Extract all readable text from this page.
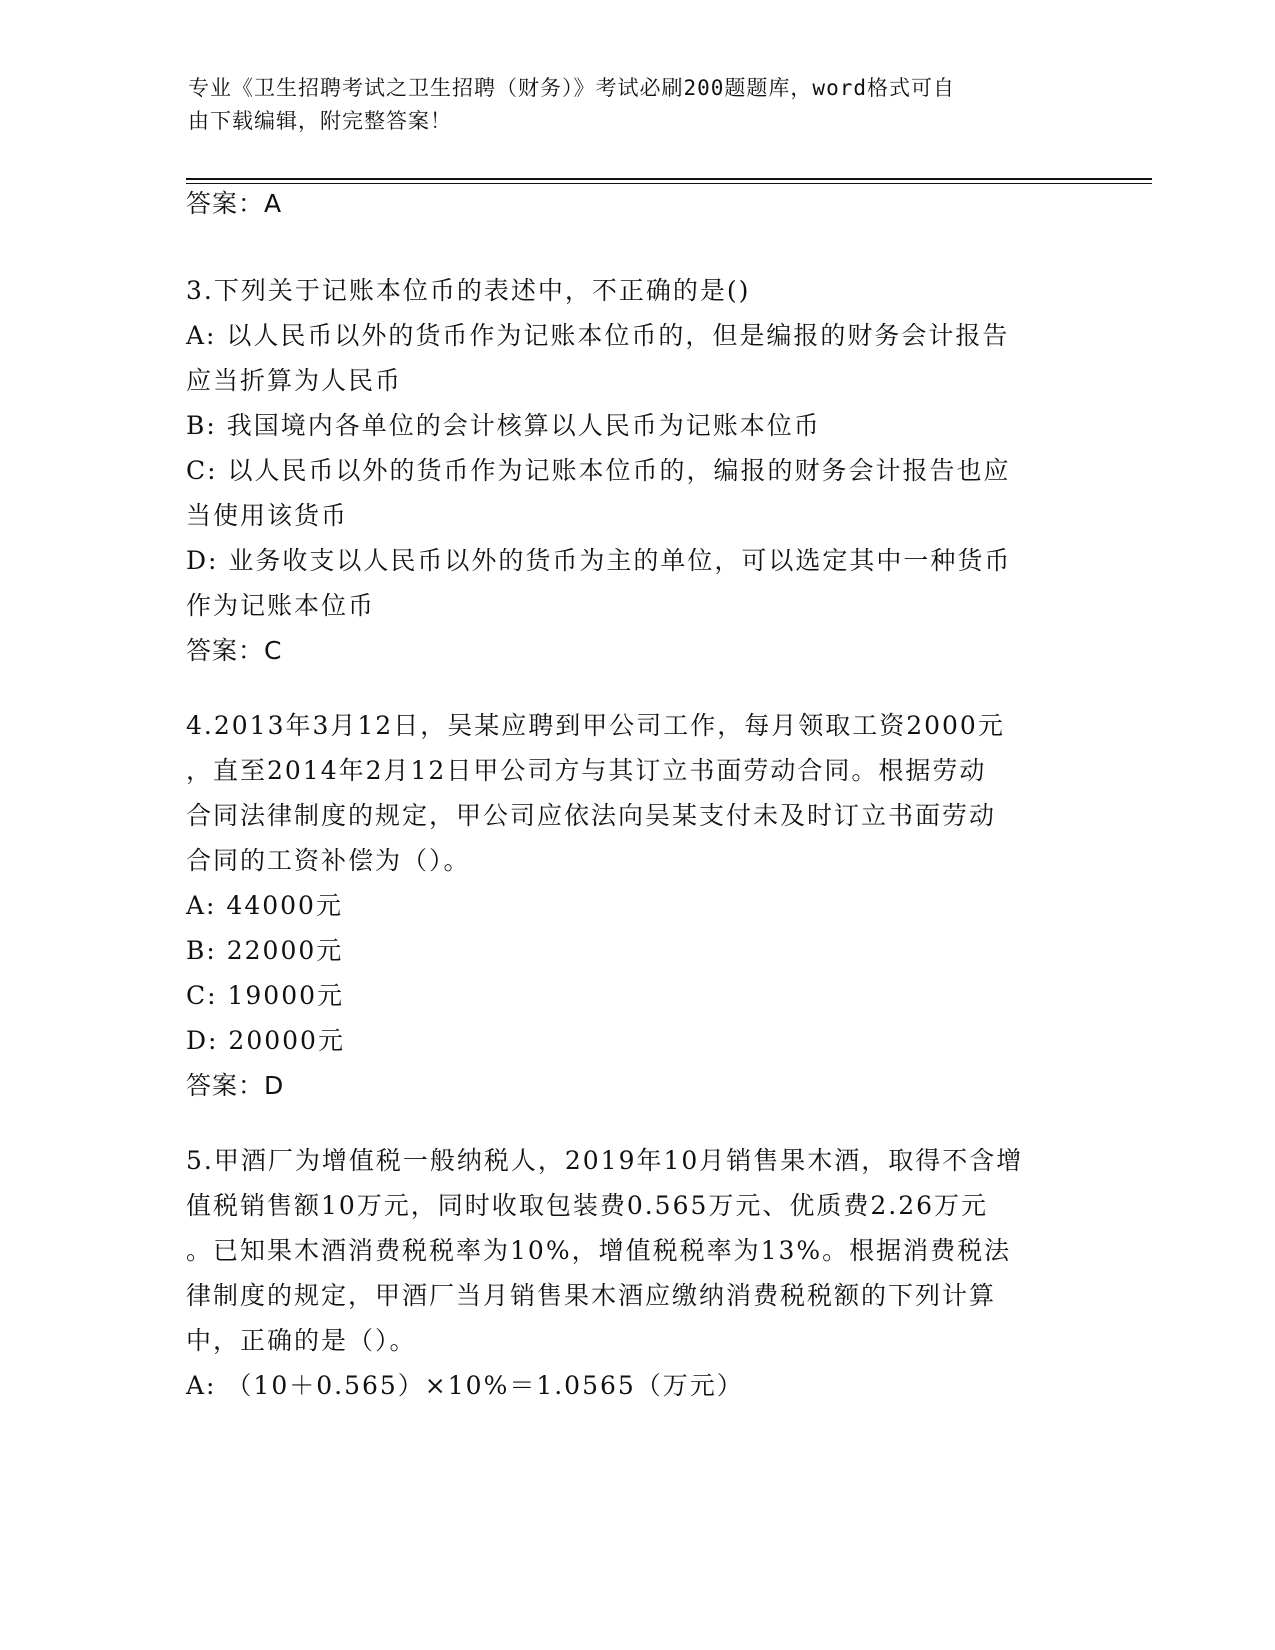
专业《卫生招聘考试之卫生招聘（财务）》考试必刷200题题库，word格式可自
由下载编辑，附完整答案！
答案：A
3.下列关于记账本位币的表述中，不正确的是()
A: 以人民币以外的货币作为记账本位币的，但是编报的财务会计报告
应当折算为人民币
B: 我国境内各单位的会计核算以人民币为记账本位币
C: 以人民币以外的货币作为记账本位币的，编报的财务会计报告也应
当使用该货币
D: 业务收支以人民币以外的货币为主的单位，可以选定其中一种货币
作为记账本位币
答案：C
4.2013年3月12日，吴某应聘到甲公司工作，每月领取工资2000元
，直至2014年2月12日甲公司方与其订立书面劳动合同。根据劳动
合同法律制度的规定，甲公司应依法向吴某支付未及时订立书面劳动
合同的工资补偿为（）。
A: 44000元
B: 22000元
C: 19000元
D: 20000元
答案：D
5.甲酒厂为增值税一般纳税人，2019年10月销售果木酒，取得不含增
值税销售额10万元，同时收取包装费0.565万元、优质费2.26万元
。已知果木酒消费税税率为10%，增值税税率为13%。根据消费税法
律制度的规定，甲酒厂当月销售果木酒应缴纳消费税税额的下列计算
中，正确的是（）。
A: （10＋0.565）×10%＝1.0565（万元）
